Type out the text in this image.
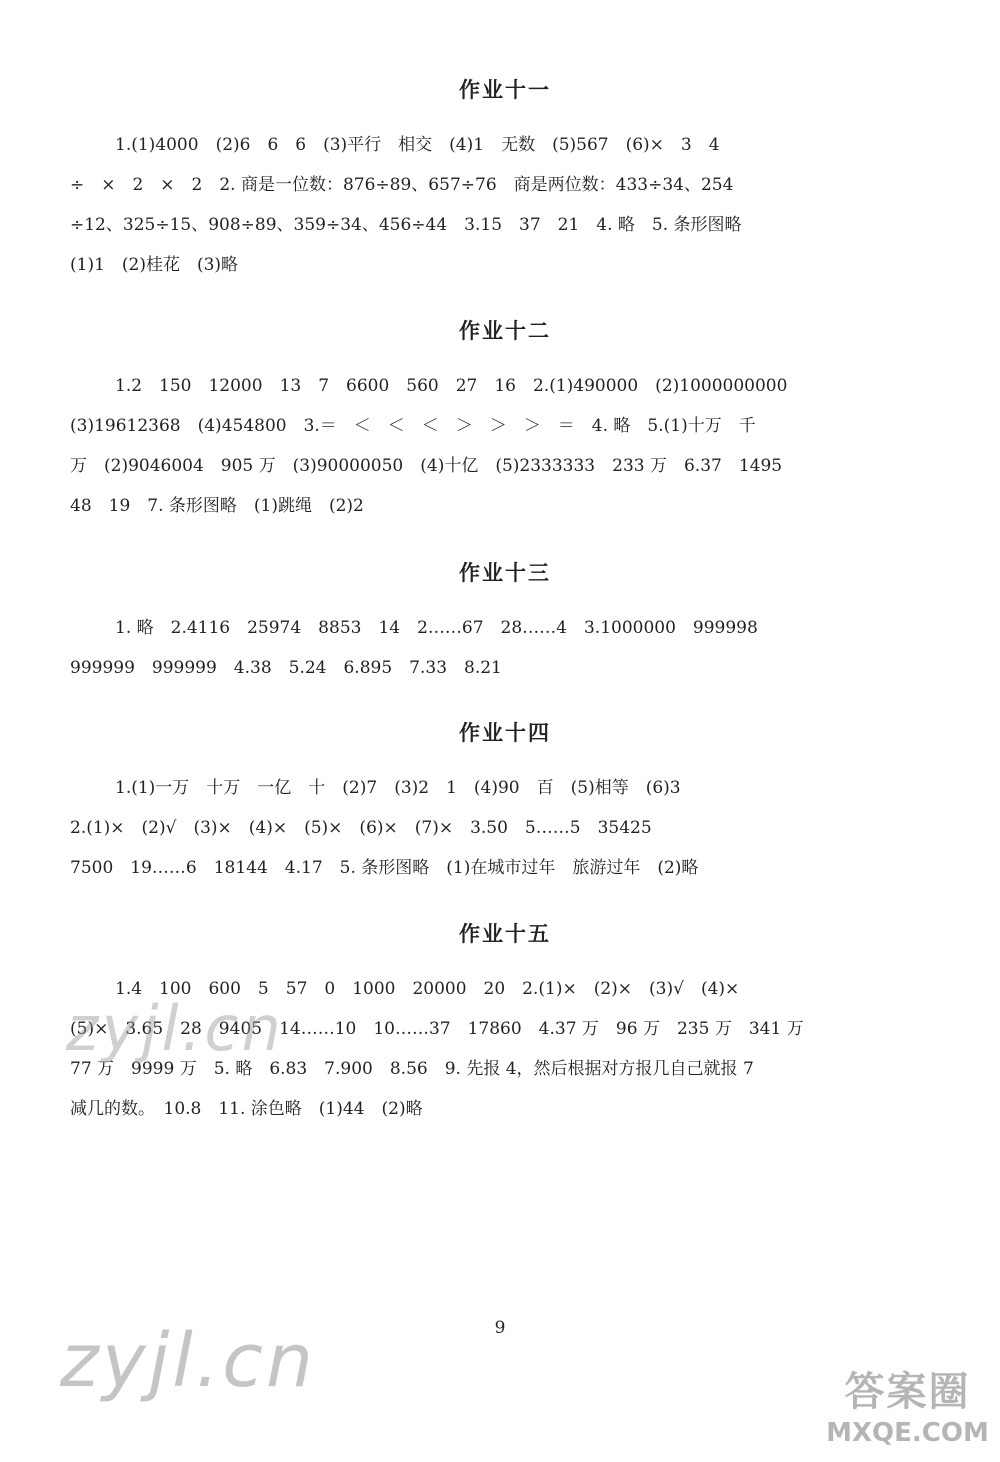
作业十一
1.(1)4000　(2)6　6　6　(3)平行　相交　(4)1　无数　(5)567　(6)×　3　4
÷　×　2　×　2　2. 商是一位数：876÷89、657÷76　商是两位数：433÷34、254
÷12、325÷15、908÷89、359÷34、456÷44　3.15　37　21　4. 略　5. 条形图略
(1)1　(2)桂花　(3)略
作业十二
1.2　150　12000　13　7　6600　560　27　16　2.(1)490000　(2)1000000000
(3)19612368　(4)454800　3.＝　＜　＜　＜　＞　＞　＞　＝　4. 略　5.(1)十万　千
万　(2)9046004　905 万　(3)90000050　(4)十亿　(5)2333333　233 万　6.37　1495
48　19　7. 条形图略　(1)跳绳　(2)2
作业十三
1. 略　2.4116　25974　8853　14　2……67　28……4　3.1000000　999998
999999　999999　4.38　5.24　6.895　7.33　8.21
作业十四
1.(1)一万　十万　一亿　十　(2)7　(3)2　1　(4)90　百　(5)相等　(6)3
2.(1)×　(2)√　(3)×　(4)×　(5)×　(6)×　(7)×　3.50　5……5　35425
7500　19……6　18144　4.17　5. 条形图略　(1)在城市过年　旅游过年　(2)略
作业十五
1.4　100　600　5　57　0　1000　20000　20　2.(1)×　(2)×　(3)√　(4)×
(5)×　3.65　28　9405　14……10　10……37　17860　4.37 万　96 万　235 万　341 万
77 万　9999 万　5. 略　6.83　7.900　8.56　9. 先报 4，然后根据对方报几自己就报 7
减几的数。　10.8　11. 涂色略　(1)44　(2)略
zyjl.cn
9
zyjl.cn	答案圈
MXQE.COM
